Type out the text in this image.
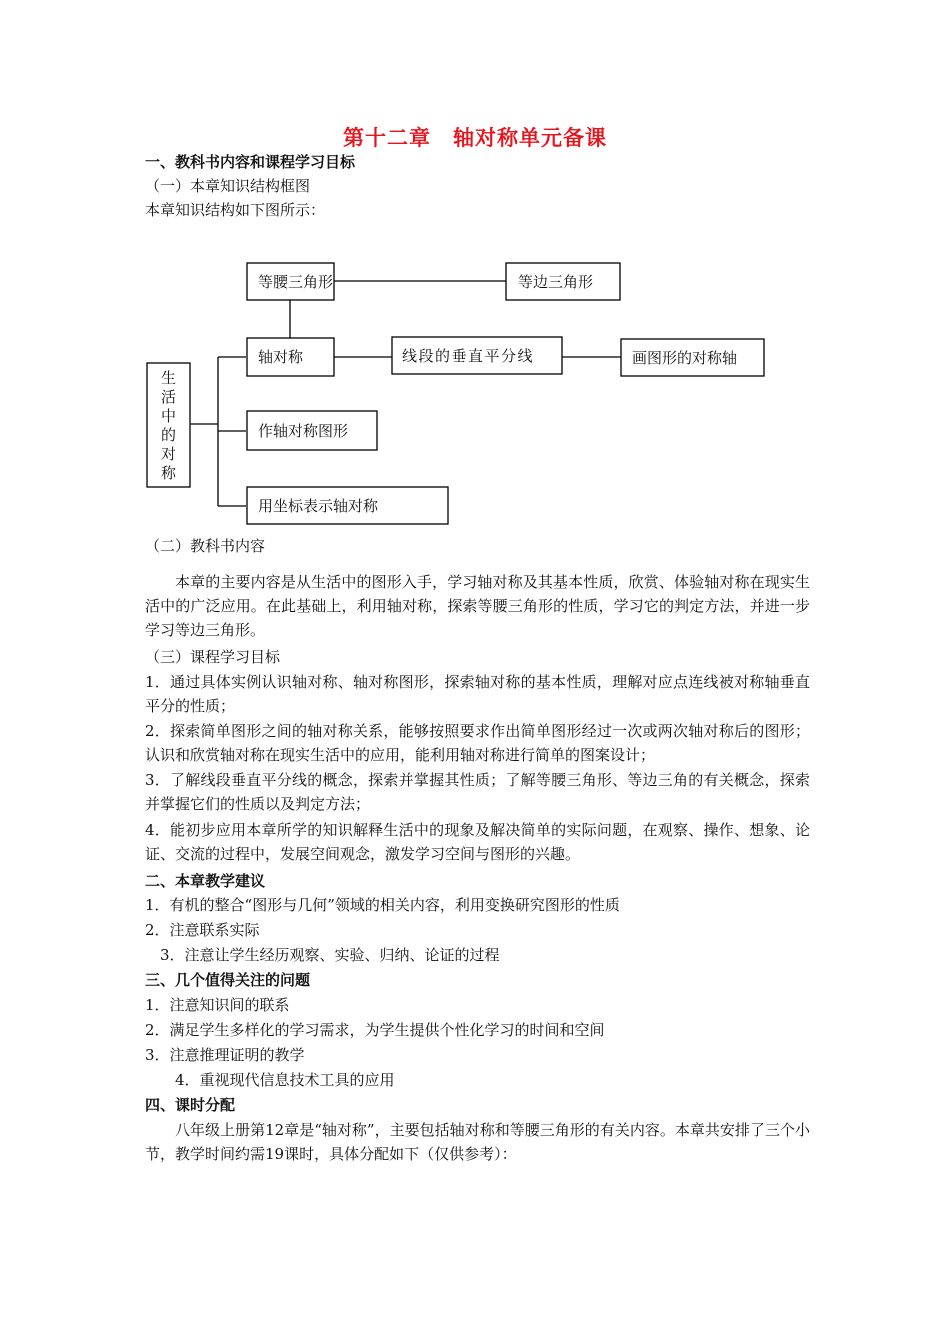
第十二章　轴对称单元备课
一、教科书内容和课程学习目标
（一）本章知识结构框图
本章知识结构如下图所示：
生
活
中
的
对
称
等腰三角形	等边三角形
轴对称	线段的垂直平分线	画图形的对称轴
作轴对称图形
用坐标表示轴对称
（二）教科书内容
本章的主要内容是从生活中的图形入手，学习轴对称及其基本性质，欣赏、体验轴对称在现实生活中的广泛应用。在此基础上，利用轴对称，探索等腰三角形的性质，学习它的判定方法，并进一步学习等边三角形。
（三）课程学习目标
1．通过具体实例认识轴对称、轴对称图形，探索轴对称的基本性质，理解对应点连线被对称轴垂直平分的性质；
2．探索简单图形之间的轴对称关系，能够按照要求作出简单图形经过一次或两次轴对称后的图形；认识和欣赏轴对称在现实生活中的应用，能利用轴对称进行简单的图案设计；
3．了解线段垂直平分线的概念，探索并掌握其性质；了解等腰三角形、等边三角的有关概念，探索并掌握它们的性质以及判定方法；
4．能初步应用本章所学的知识解释生活中的现象及解决简单的实际问题，在观察、操作、想象、论证、交流的过程中，发展空间观念，激发学习空间与图形的兴趣。
二、本章教学建议
1．有机的整合“图形与几何”领域的相关内容，利用变换研究图形的性质
2．注意联系实际
3．注意让学生经历观察、实验、归纳、论证的过程
三、几个值得关注的问题
1．注意知识间的联系
2．满足学生多样化的学习需求，为学生提供个性化学习的时间和空间
3．注意推理证明的教学
4．重视现代信息技术工具的应用
四、课时分配
八年级上册第12章是“轴对称”，主要包括轴对称和等腰三角形的有关内容。本章共安排了三个小节，教学时间约需19课时，具体分配如下（仅供参考）：
